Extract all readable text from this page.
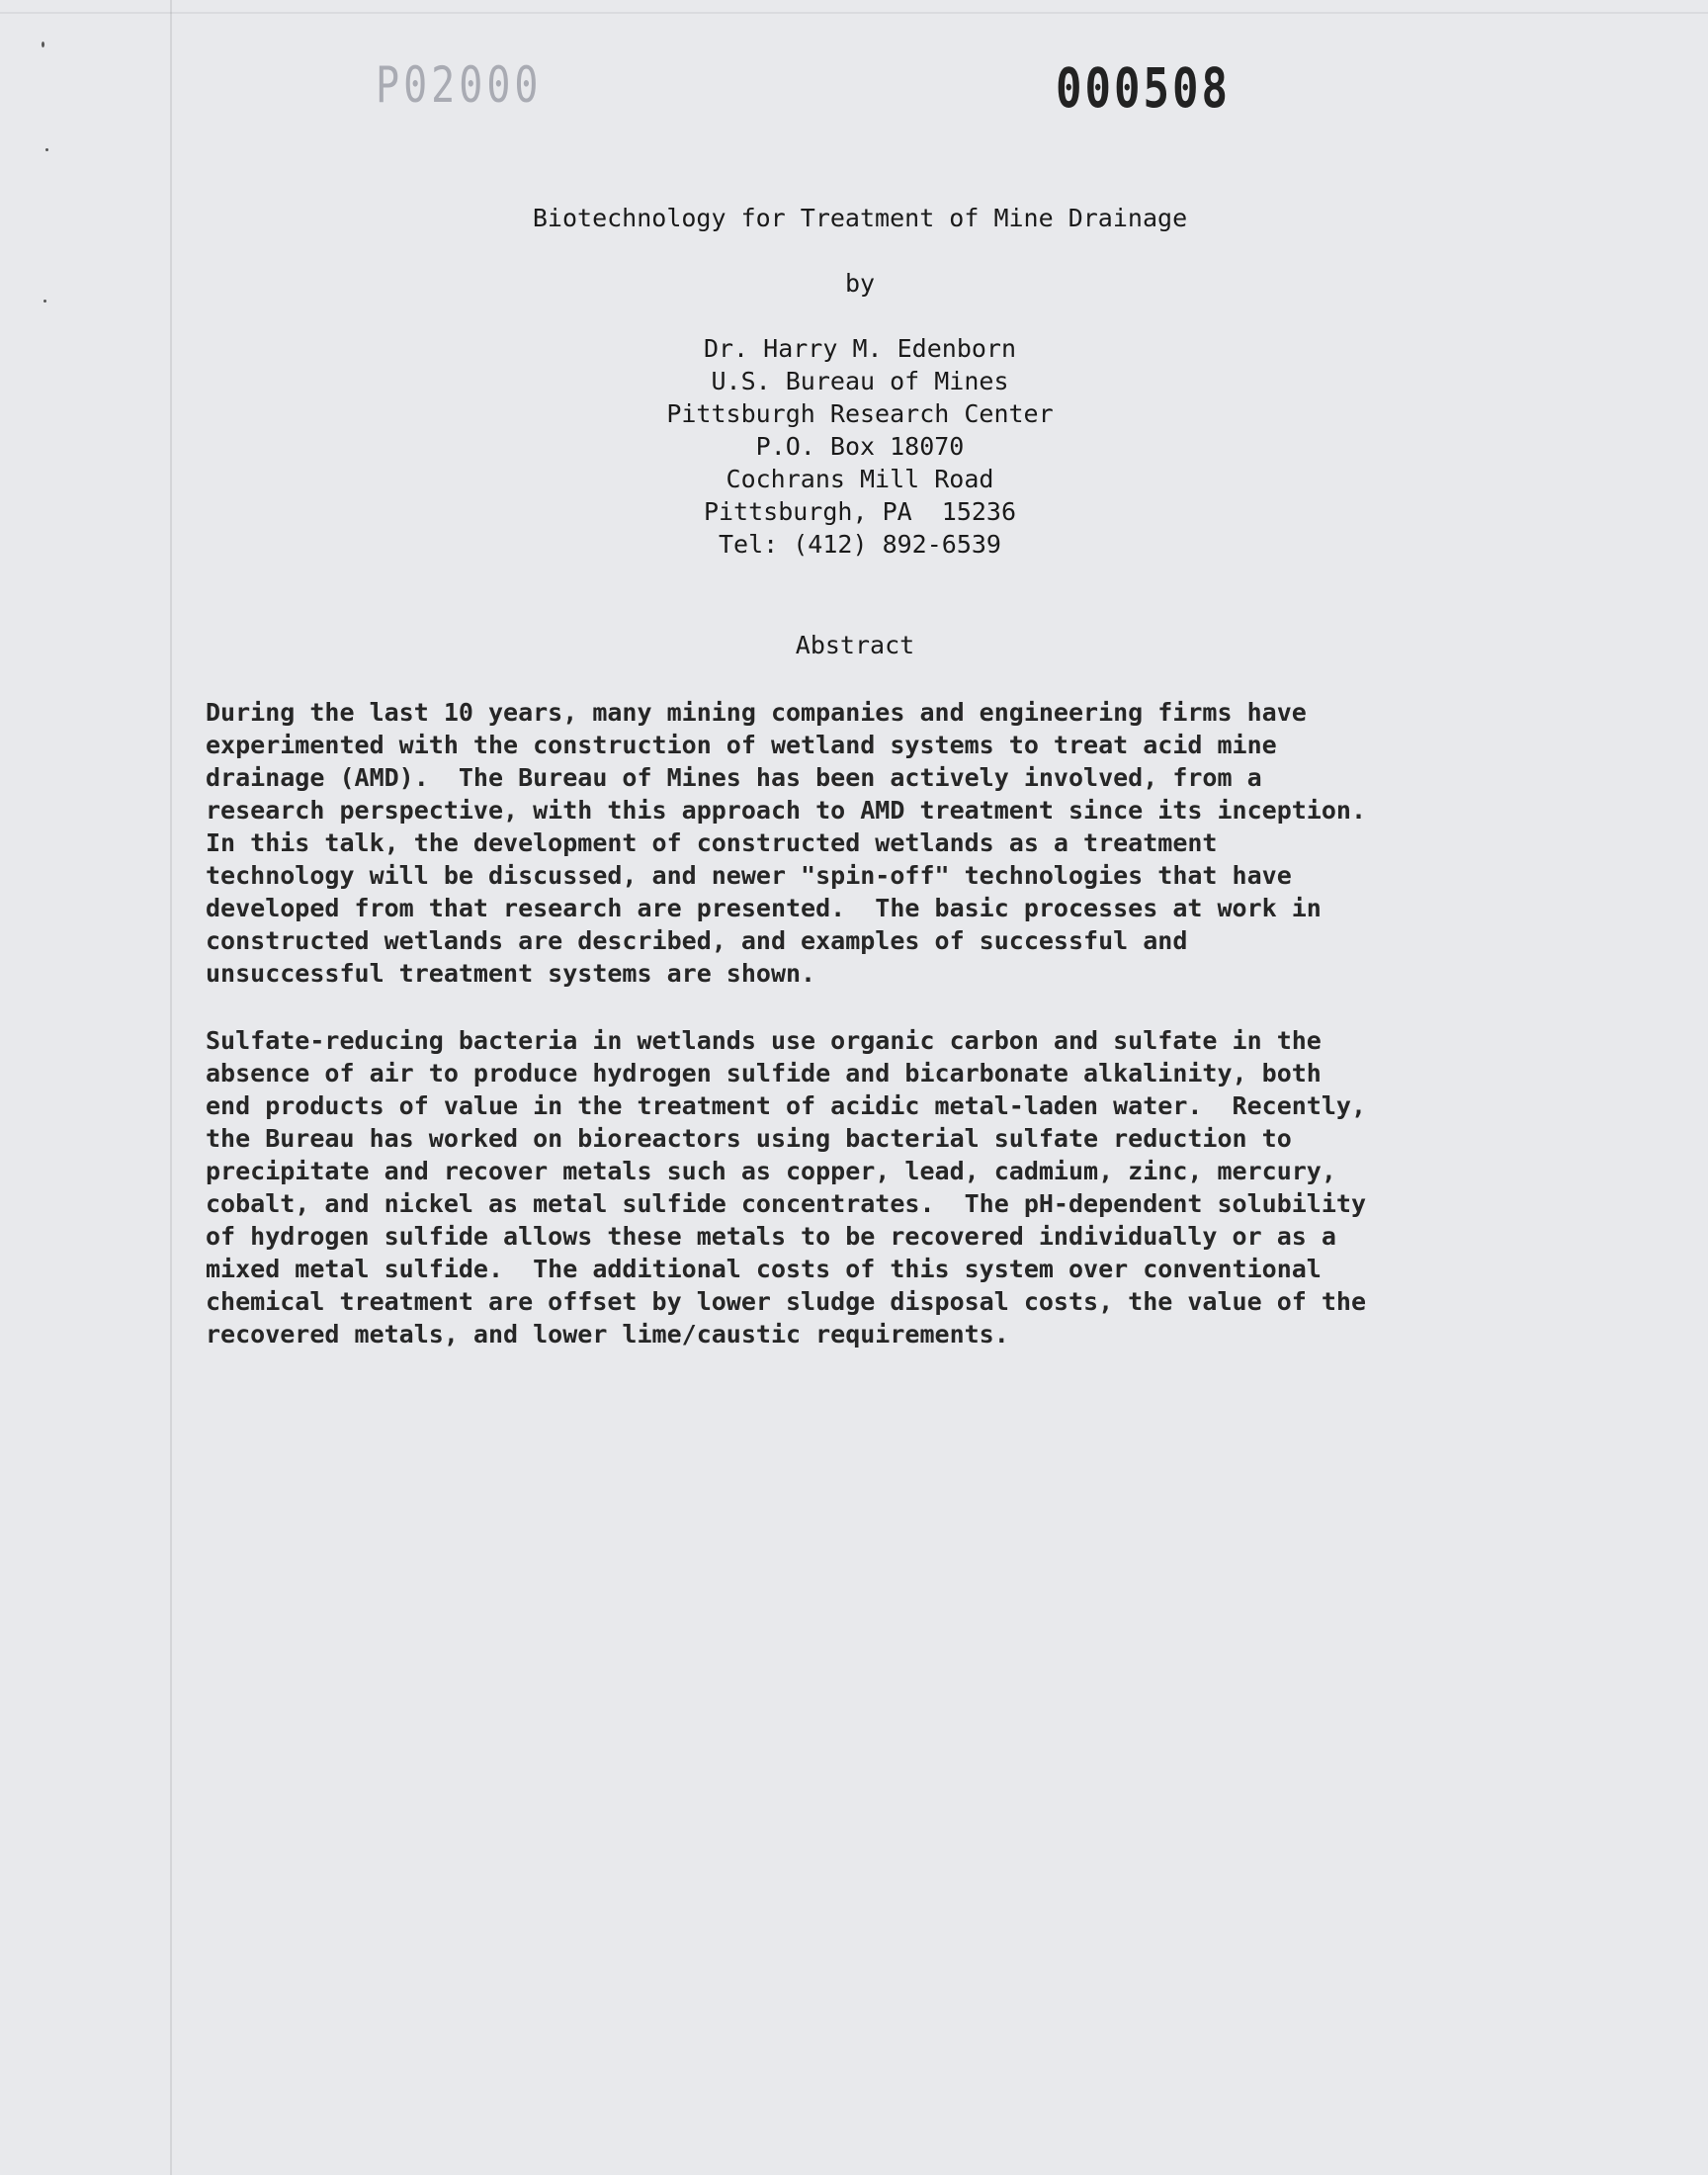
P02000	000508
Biotechnology for Treatment of Mine Drainage
by
Dr. Harry M. Edenborn
U.S. Bureau of Mines
Pittsburgh Research Center
P.O. Box 18070
Cochrans Mill Road
Pittsburgh, PA  15236
Tel: (412) 892-6539
Abstract
During the last 10 years, many mining companies and engineering firms have
experimented with the construction of wetland systems to treat acid mine
drainage (AMD).  The Bureau of Mines has been actively involved, from a
research perspective, with this approach to AMD treatment since its inception.
In this talk, the development of constructed wetlands as a treatment
technology will be discussed, and newer "spin-off" technologies that have
developed from that research are presented.  The basic processes at work in
constructed wetlands are described, and examples of successful and
unsuccessful treatment systems are shown.
Sulfate-reducing bacteria in wetlands use organic carbon and sulfate in the
absence of air to produce hydrogen sulfide and bicarbonate alkalinity, both
end products of value in the treatment of acidic metal-laden water.  Recently,
the Bureau has worked on bioreactors using bacterial sulfate reduction to
precipitate and recover metals such as copper, lead, cadmium, zinc, mercury,
cobalt, and nickel as metal sulfide concentrates.  The pH-dependent solubility
of hydrogen sulfide allows these metals to be recovered individually or as a
mixed metal sulfide.  The additional costs of this system over conventional
chemical treatment are offset by lower sludge disposal costs, the value of the
recovered metals, and lower lime/caustic requirements.
